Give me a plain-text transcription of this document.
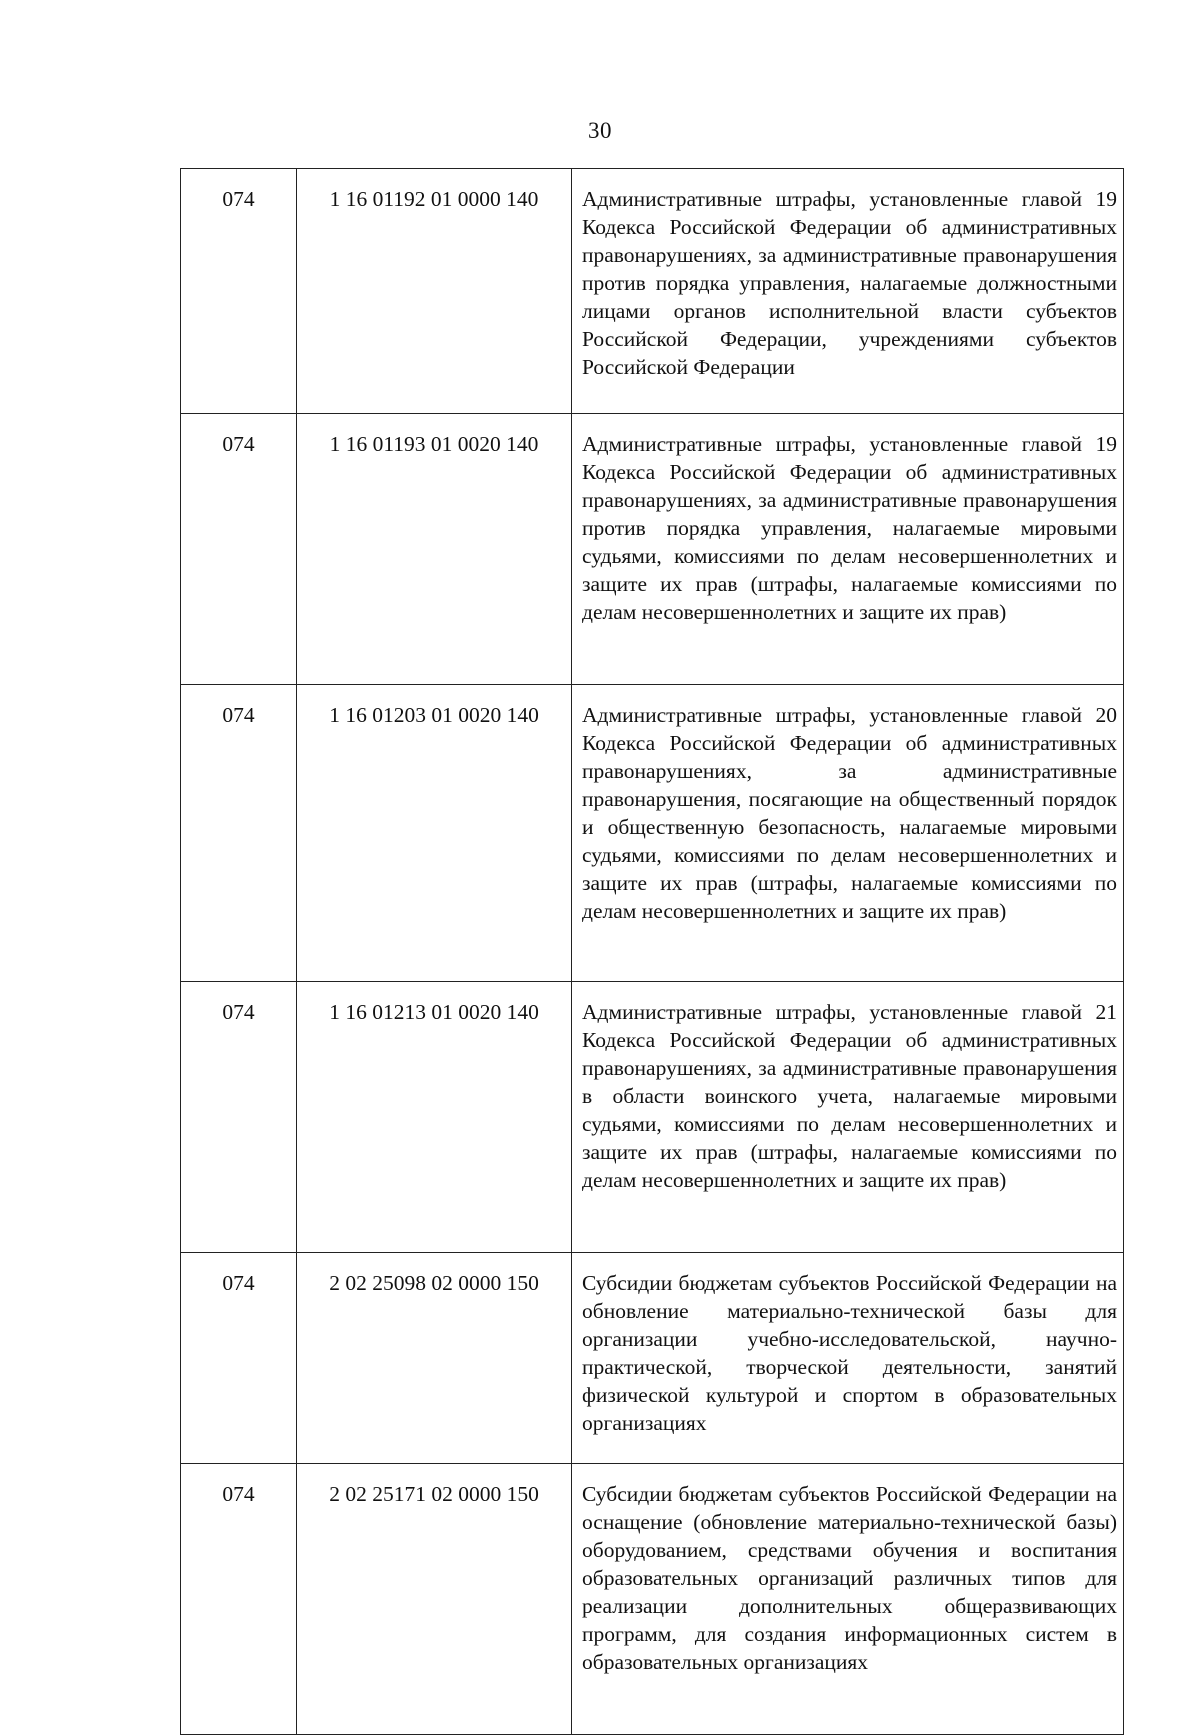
30
074	1 16 01192 01 0000 140	Административные штрафы, установленные главой 19 Кодекса Российской Федерации об административных правонарушениях, за административные правонарушения против порядка управления, налагаемые должностными лицами органов исполнительной власти субъектов Российской Федерации, учреждениями субъектов Российской Федерации
074	1 16 01193 01 0020 140	Административные штрафы, установленные главой 19 Кодекса Российской Федерации об административных правонарушениях, за административные правонарушения против порядка управления, налагаемые мировыми судьями, комиссиями по делам несовершеннолетних и защите их прав (штрафы, налагаемые комиссиями по делам несовершеннолетних и защите их прав)
074	1 16 01203 01 0020 140	Административные штрафы, установленные главой 20 Кодекса Российской Федерации об административных правонарушениях, за административные правонарушения, посягающие на общественный порядок и общественную безопасность, налагаемые мировыми судьями, комиссиями по делам несовершеннолетних и защите их прав (штрафы, налагаемые комиссиями по делам несовершеннолетних и защите их прав)
074	1 16 01213 01 0020 140	Административные штрафы, установленные главой 21 Кодекса Российской Федерации об административных правонарушениях, за административные правонарушения в области воинского учета, налагаемые мировыми судьями, комиссиями по делам несовершеннолетних и защите их прав (штрафы, налагаемые комиссиями по делам несовершеннолетних и защите их прав)
074	2 02 25098 02 0000 150	Субсидии бюджетам субъектов Российской Федерации на обновление материально-технической базы для организации учебно-исследовательской, научно-практической, творческой деятельности, занятий физической культурой и спортом в образовательных организациях
074	2 02 25171 02 0000 150	Субсидии бюджетам субъектов Российской Федерации на оснащение (обновление материально-технической базы) оборудованием, средствами обучения и воспитания образовательных организаций различных типов для реализации дополнительных общеразвивающих программ, для создания информационных систем в образовательных организациях
